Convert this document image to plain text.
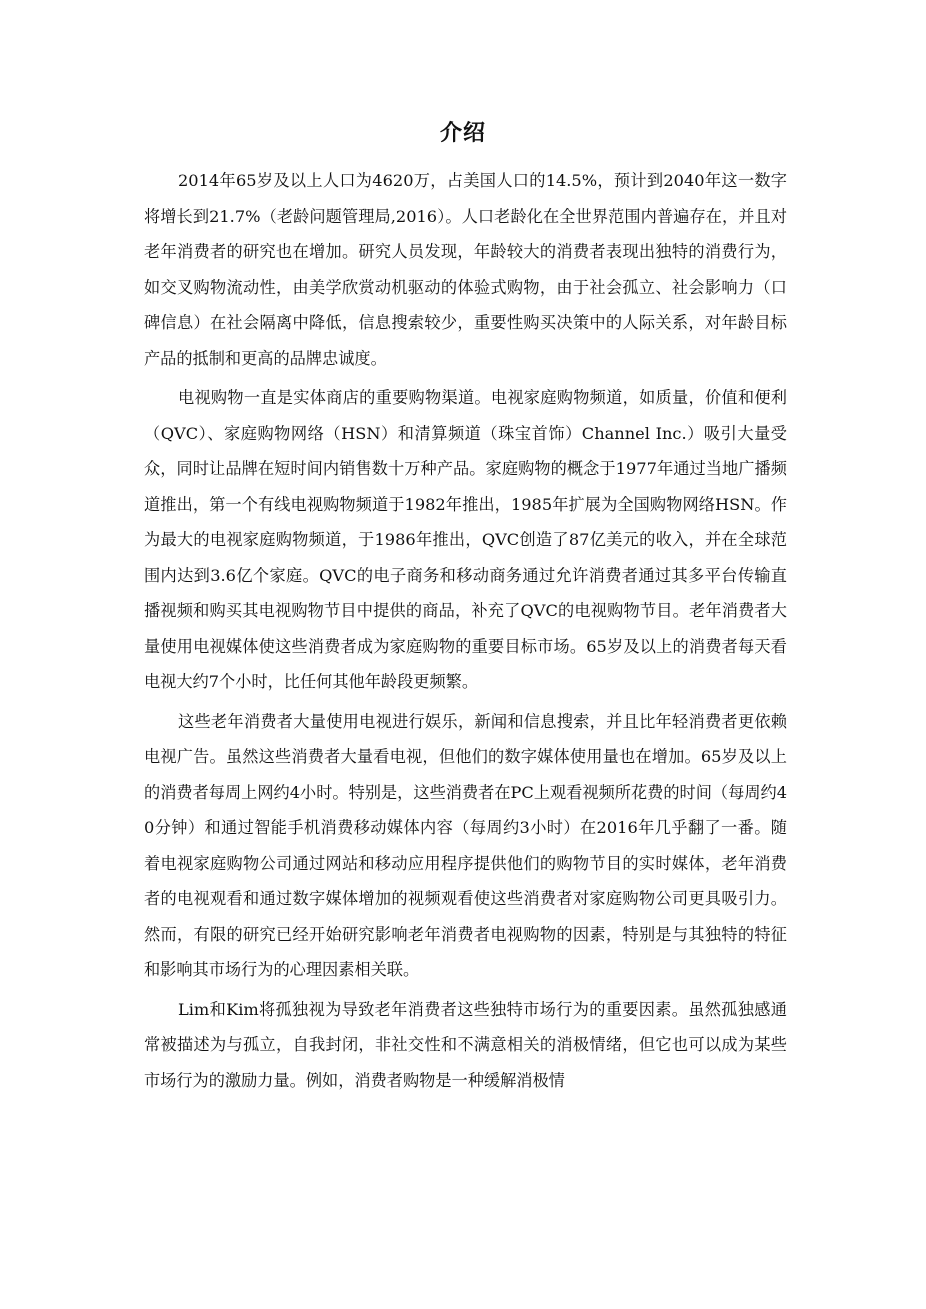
介绍

2014年65岁及以上人口为4620万，占美国人口的14.5%，预计到2040年这一数字将增长到21.7%（老龄问题管理局,2016）。人口老龄化在全世界范围内普遍存在，并且对老年消费者的研究也在增加。研究人员发现，年龄较大的消费者表现出独特的消费行为，如交叉购物流动性，由美学欣赏动机驱动的体验式购物，由于社会孤立、社会影响力（口碑信息）在社会隔离中降低，信息搜索较少，重要性购买决策中的人际关系，对年龄目标产品的抵制和更高的品牌忠诚度。

电视购物一直是实体商店的重要购物渠道。电视家庭购物频道，如质量，价值和便利（QVC）、家庭购物网络（HSN）和清算频道（珠宝首饰）Channel Inc.）吸引大量受众，同时让品牌在短时间内销售数十万种产品。家庭购物的概念于1977年通过当地广播频道推出，第一个有线电视购物频道于1982年推出，1985年扩展为全国购物网络HSN。作为最大的电视家庭购物频道，于1986年推出，QVC创造了87亿美元的收入，并在全球范围内达到3.6亿个家庭。QVC的电子商务和移动商务通过允许消费者通过其多平台传输直播视频和购买其电视购物节目中提供的商品，补充了QVC的电视购物节目。老年消费者大量使用电视媒体使这些消费者成为家庭购物的重要目标市场。65岁及以上的消费者每天看电视大约7个小时，比任何其他年龄段更频繁。

这些老年消费者大量使用电视进行娱乐，新闻和信息搜索，并且比年轻消费者更依赖电视广告。虽然这些消费者大量看电视，但他们的数字媒体使用量也在增加。65岁及以上的消费者每周上网约4小时。特别是，这些消费者在PC上观看视频所花费的时间（每周约40分钟）和通过智能手机消费移动媒体内容（每周约3小时）在2016年几乎翻了一番。随着电视家庭购物公司通过网站和移动应用程序提供他们的购物节目的实时媒体，老年消费者的电视观看和通过数字媒体增加的视频观看使这些消费者对家庭购物公司更具吸引力。然而，有限的研究已经开始研究影响老年消费者电视购物的因素，特别是与其独特的特征和影响其市场行为的心理因素相关联。

Lim和Kim将孤独视为导致老年消费者这些独特市场行为的重要因素。虽然孤独感通常被描述为与孤立，自我封闭，非社交性和不满意相关的消极情绪，但它也可以成为某些市场行为的激励力量。例如，消费者购物是一种缓解消极情
